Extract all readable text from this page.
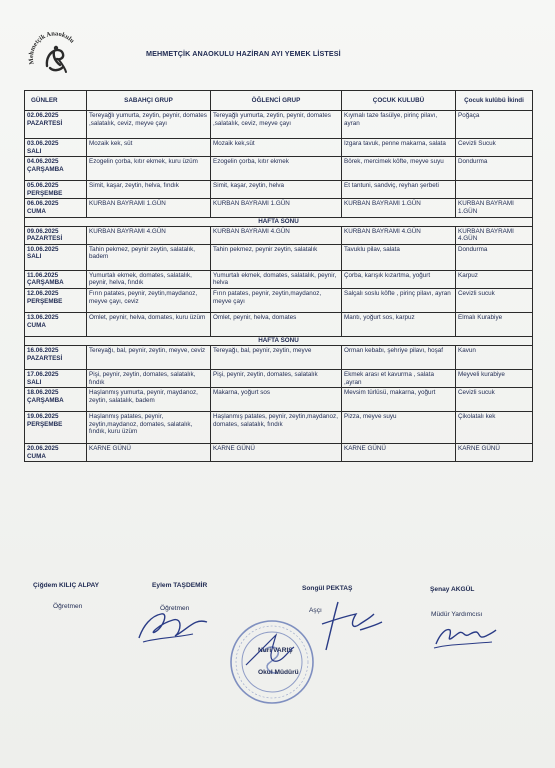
Mehmetçik Anaokulu
MEHMETÇİK ANAOKULU HAZİRAN AYI YEMEK LİSTESİ
GÜNLER	SABAHÇI GRUP	ÖĞLENCİ GRUP	ÇOCUK KULUBÜ	Çocuk kulübü İkindi

02.06.2025
PAZARTESİ	Tereyağlı yumurta, zeytin, peynir, domates ,salatalık, ceviz, meyve çayı	Tereyağlı yumurta, zeytin, peynir, domates ,salatalık, ceviz, meyve çayı	Kıymalı taze fasülye, pirinç pilavı, ayran	Poğaça

03.06.2025
SALI	Mozaik kek, süt	Mozaik kek,süt	Izgara tavuk, penne makarna, salata	Cevizli Sucuk

04.06.2025
ÇARŞAMBA	Ezogelin çorba, kıtır ekmek, kuru üzüm	Ezogelin çorba, kıtır ekmek	Börek, mercimek köfte, meyve suyu	Dondurma

05.06.2025
PERŞEMBE	Simit, kaşar, zeytin, helva, fındık	Simit, kaşar, zeytin, helva	Et tantuni, sandviç, reyhan şerbeti	

06.06.2025
CUMA	KURBAN BAYRAMI 1.GÜN	KURBAN BAYRAMI 1.GÜN	KURBAN BAYRAMI 1.GÜN	KURBAN BAYRAMI 1.GÜN
HAFTA SONU				

09.06.2025
PAZARTESİ	KURBAN BAYRAMI 4.GÜN	KURBAN BAYRAMI 4.GÜN	KURBAN BAYRAMI 4.GÜN	KURBAN BAYRAMI 4.GÜN

10.06.2025
SALI	Tahin pekmez, peynir zeytin, salatalık, badem	Tahin pekmez, peynir zeytin, salatalık	Tavuklu pilav, salata	Dondurma

11.06.2025
ÇARŞAMBA	Yumurtalı ekmek, domates, salatalık, peynir, helva, fındık	Yumurtalı ekmek, domates, salatalık, peynir, helva	Çorba, karışık kızartma, yoğurt	Karpuz

12.06.2025
PERŞEMBE	Fırın patates, peynir, zeytin,maydanoz, meyve çayı, ceviz	Fırın patates, peynir, zeytin,maydanoz, meyve çayı	Salçalı soslu köfte , pirinç pilavı, ayran	Cevizli sucuk

13.06.2025
CUMA	Omlet, peynir, helva, domates, kuru üzüm	Omlet, peynir, helva, domates	Mantı, yoğurt sos, karpuz	Elmalı Kurabiye
HAFTA SONU				

16.06.2025
PAZARTESİ	Tereyağı, bal, peynir, zeytin, meyve, ceviz	Tereyağı, bal, peynir, zeytin, meyve	Orman kebabı, şehriye pilavı, hoşaf	Kavun

17.06.2025
SALI	Pişi, peynir, zeytin, domates, salatalık, fındık	Pişi, peynir, zeytin, domates, salatalık	Ekmek arası et kavurma , salata ,ayran	Meyveli kurabiye

18.06.2025
ÇARŞAMBA	Haşlanmış yumurta, peynir, maydanoz, zeytin, salatalık, badem	Makarna, yoğurt sos	Mevsim türlüsü, makarna, yoğurt	Cevizli sucuk

19.06.2025
PERŞEMBE	Haşlanmış patates, peynir, zeytin,maydanoz, domates, salatalık, fındık, kuru üzüm	Haşlanmış patates, peynir, zeytin,maydanoz, domates, salatalık, fındık	Pizza, meyve suyu	Çikolatalı kek

20.06.2025
CUMA	KARNE GÜNÜ	KARNE GÜNÜ	KARNE GÜNÜ	KARNE GÜNÜ
Çiğdem KILIÇ ALPAY
Öğretmen
Eylem TAŞDEMİR
Öğretmen
Songül PEKTAŞ
Aşçı
Şenay AKGÜL
Müdür Yardımcısı
Nuri VARIŞ
Okul Müdürü
